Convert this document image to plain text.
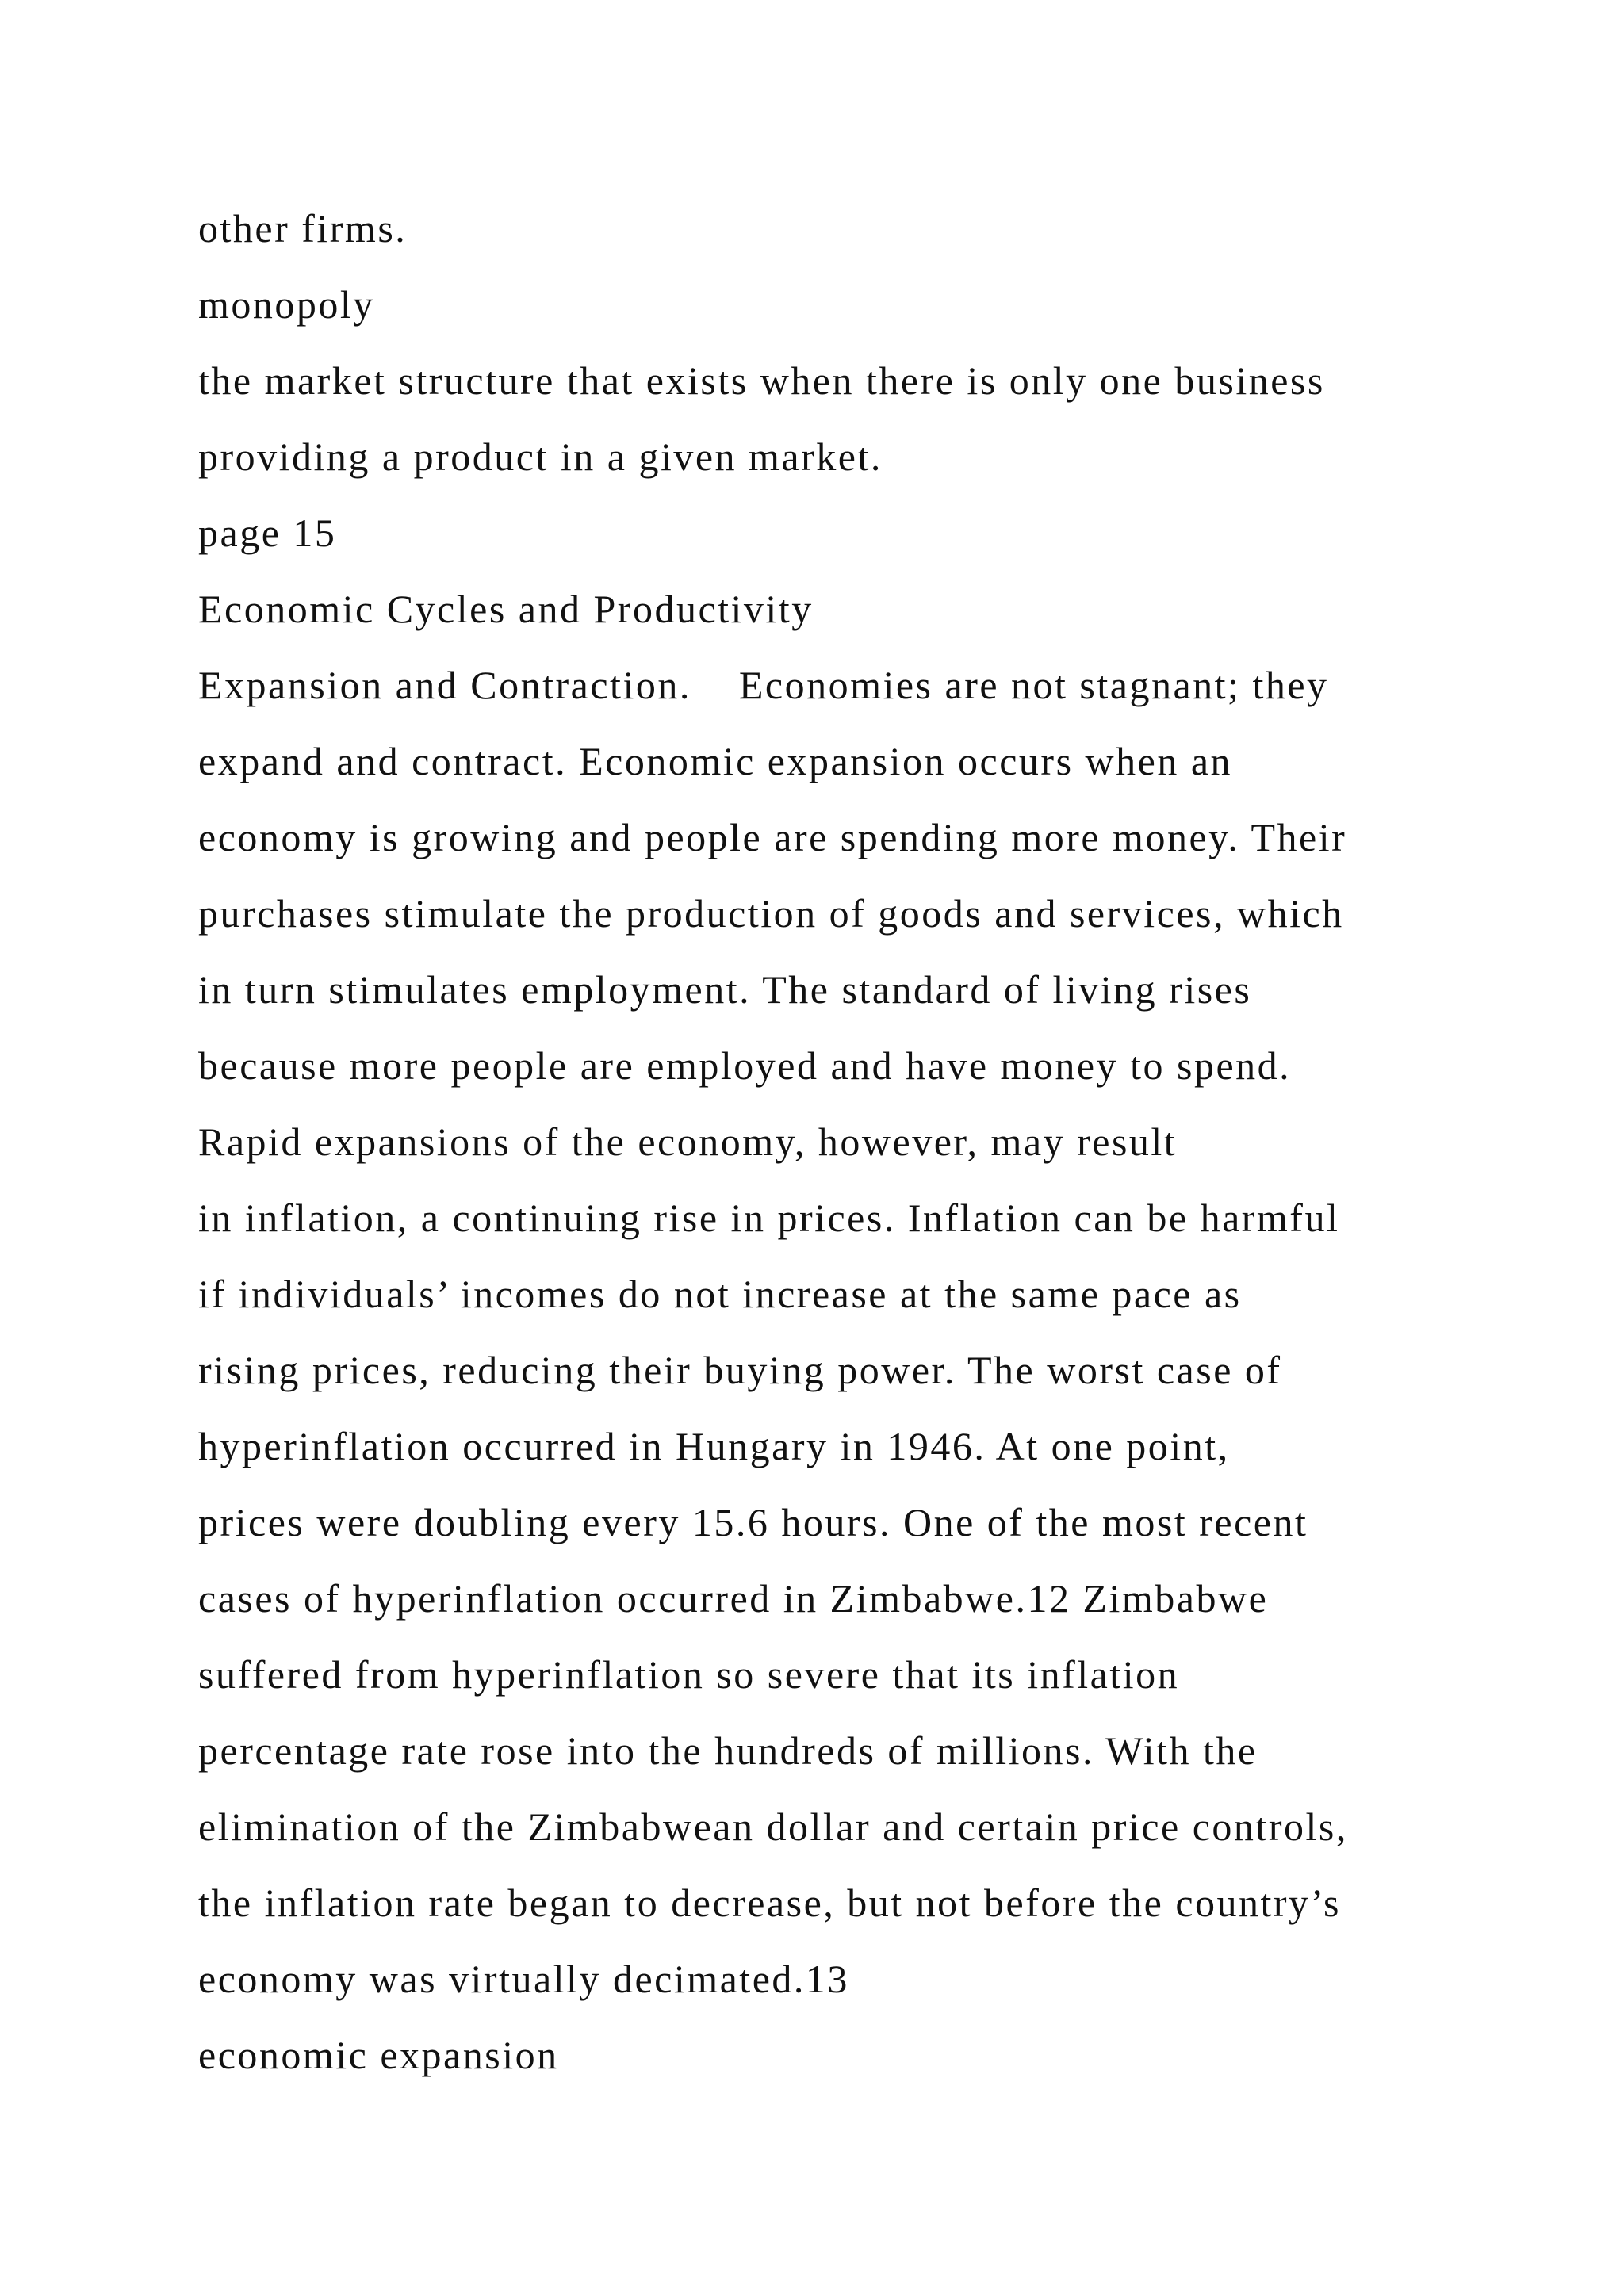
other firms.
monopoly
the market structure that exists when there is only one business
providing a product in a given market.
page 15
Economic Cycles and Productivity
Expansion and Contraction.    Economies are not stagnant; they
expand and contract. Economic expansion occurs when an
economy is growing and people are spending more money. Their
purchases stimulate the production of goods and services, which
in turn stimulates employment. The standard of living rises
because more people are employed and have money to spend.
Rapid expansions of the economy, however, may result
in inflation, a continuing rise in prices. Inflation can be harmful
if individuals’ incomes do not increase at the same pace as
rising prices, reducing their buying power. The worst case of
hyperinflation occurred in Hungary in 1946. At one point,
prices were doubling every 15.6 hours. One of the most recent
cases of hyperinflation occurred in Zimbabwe.12 Zimbabwe
suffered from hyperinflation so severe that its inflation
percentage rate rose into the hundreds of millions. With the
elimination of the Zimbabwean dollar and certain price controls,
the inflation rate began to decrease, but not before the country’s
economy was virtually decimated.13
economic expansion
